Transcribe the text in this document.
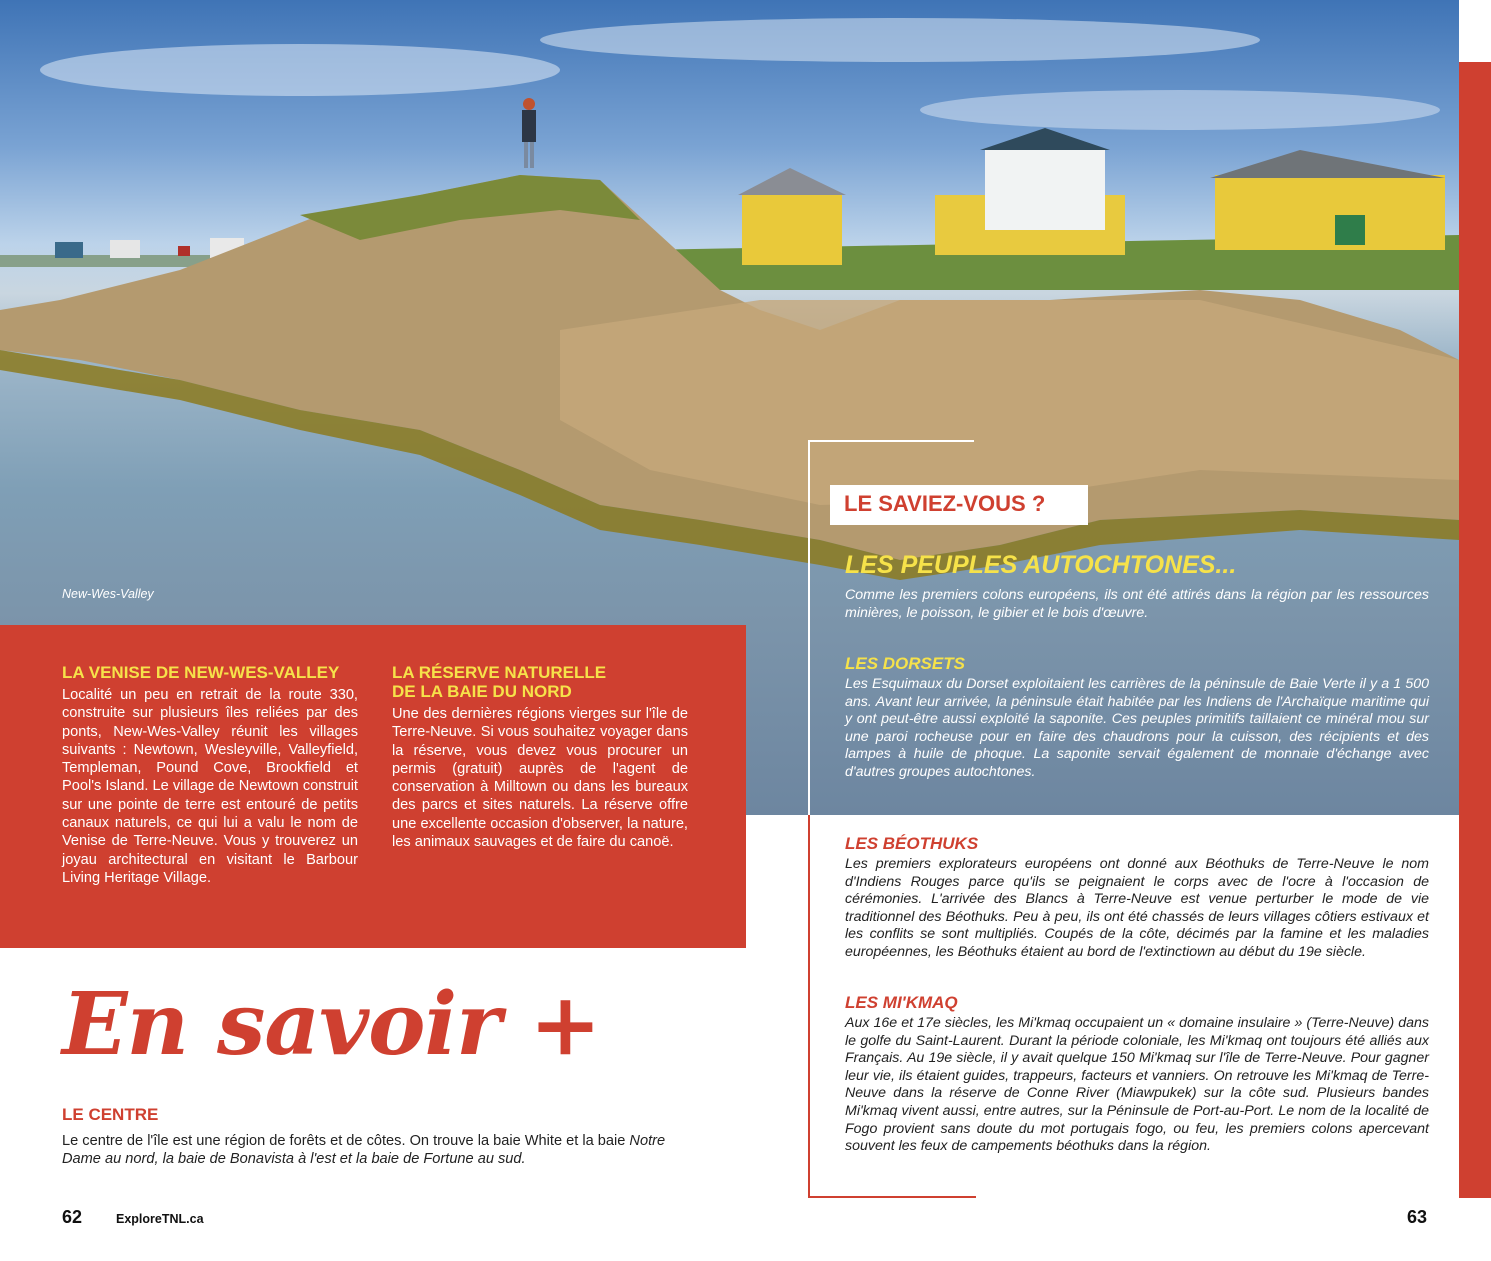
New-Wes-Valley
LA VENISE DE NEW-WES-VALLEY

Localité un peu en retrait de la route 330, construite sur plusieurs îles reliées par des ponts, New-Wes-Valley réunit les villages suivants : Newtown, Wesleyville, Valleyfield, Templeman, Pound Cove, Brookfield et Pool's Island. Le village de Newtown construit sur une pointe de terre est entouré de petits canaux naturels, ce qui lui a valu le nom de Venise de Terre-Neuve. Vous y trouverez un joyau architectural en visitant le Barbour Living Heritage Village.

LA RÉSERVE NATURELLE
DE LA BAIE DU NORD

Une des dernières régions vierges sur l'île de Terre-Neuve. Si vous souhaitez voyager dans la réserve, vous devez vous procurer un permis (gratuit) auprès de l'agent de conservation à Milltown ou dans les bureaux des parcs et sites naturels. La réserve offre une excellente occasion d'observer, la nature, les animaux sauvages et de faire du canoë.

En savoir +
LE CENTRE
Le centre de l'île est une région de forêts et de côtes. On trouve la baie White et la baie Notre Dame au nord, la baie de Bonavista à l'est et la baie de Fortune au sud.
LE SAVIEZ-VOUS ?
LES PEUPLES AUTOCHTONES...

Comme les premiers colons européens, ils ont été attirés dans la région par les ressources minières, le poisson, le gibier et le bois d'œuvre.

LES DORSETS

Les Esquimaux du Dorset exploitaient les carrières de la péninsule de Baie Verte il y a 1 500 ans. Avant leur arrivée, la péninsule était habitée par les Indiens de l'Archaïque maritime qui y ont peut-être aussi exploité la saponite. Ces peuples primitifs taillaient ce minéral mou sur une paroi rocheuse pour en faire des chaudrons pour la cuisson, des récipients et des lampes à huile de phoque. La saponite servait également de monnaie d'échange avec d'autres groupes autochtones.

LES BÉOTHUKS

Les premiers explorateurs européens ont donné aux Béothuks de Terre-Neuve le nom d'Indiens Rouges parce qu'ils se peignaient le corps avec de l'ocre à l'occasion de cérémonies. L'arrivée des Blancs à Terre-Neuve est venue perturber le mode de vie traditionnel des Béothuks. Peu à peu, ils ont été chassés de leurs villages côtiers estivaux et les conflits se sont multipliés. Coupés de la côte, décimés par la famine et les maladies européennes, les Béothuks étaient au bord de l'extinctiown au début du 19e siècle.

LES MI'KMAQ

Aux 16e et 17e siècles, les Mi'kmaq occupaient un « domaine insulaire » (Terre-Neuve) dans le golfe du Saint-Laurent. Durant la période coloniale, les Mi'kmaq ont toujours été alliés aux Français. Au 19e siècle, il y avait quelque 150 Mi'kmaq sur l'île de Terre-Neuve. Pour gagner leur vie, ils étaient guides, trappeurs, facteurs et vanniers. On retrouve les Mi'kmaq de Terre-Neuve dans la réserve de Conne River (Miawpukek) sur la côte sud. Plusieurs bandes Mi'kmaq vivent aussi, entre autres, sur la Péninsule de Port-au-Port. Le nom de la localité de Fogo provient sans doute du mot portugais fogo, ou feu, les premiers colons apercevant souvent les feux de campements béothuks dans la région.

62	ExploreTNL.ca	63
